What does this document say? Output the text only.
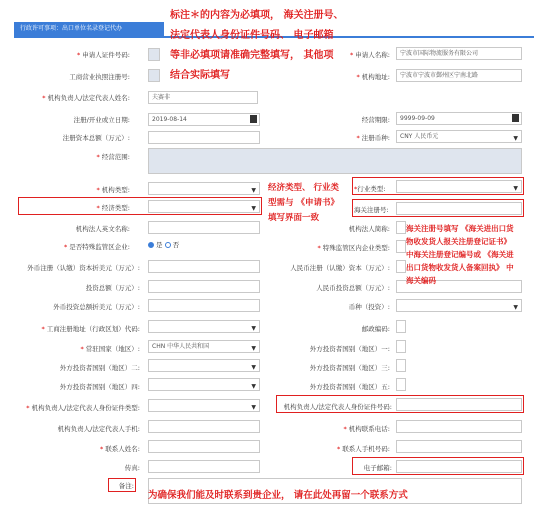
行政许可事项：出口单位名录登记代办
标注＊的内容为必填项， 海关注册号、
法定代表人身份证件号码、 电子邮箱
等非必填项请准确完整填写， 其他项
结合实际填写
* 申请人证件号码:
工商营业执照注册号:
* 机构负责人/法定代表人姓名:	夫赛非
注册/开业或立日期:	2019-08-14
注册资本总额（万元）:
* 经营范围:
* 机构类型:	▼
* 经济类型:	▼
机构法人英文名称:
* 是否特殊监管区企业:	是 否
外币注册（认缴）资本折美元（万元）:
投资总额（万元）:
外币投资总额折美元（万元）:
* 工商注册地址（行政区划）代码:	▼
* 常驻国家（地区）:	CHN 中华人民共和国	▼
外方投资者国别（地区）二:	▼
外方投资者国别（地区）四:	▼
* 机构负责人/法定代表人身份证件类型:	▼
机构负责人/法定代表人手机:
* 联系人姓名:
传真:
备注:
* 申请人名称:	宁波市国际物流服务有限公司
* 机构地址:	宁波市宁波市鄞州区宁南北路
经营期限:	9999-09-09
* 注册币种:	CNY 人民币元	▼
经济类型、 行业类
型需与 《申请书》
填写界面一致
*行业类型:	▼
海关注册号:
机构法人简称:
* 特殊监管区内企业类型:
人民币注册（认缴）资本（万元）:
人民币投资总额（万元）:
币种（投资）:	▼
邮政编码:
外方投资者国别（地区）一:
外方投资者国别（地区）三:
外方投资者国别（地区）五:
海关注册号填写 《海关进出口货
物收发货人报关注册登记证书》
中海关注册登记编号或 《海关进
出口货物收发货人备案回执》 中
海关编码
机构负责人/法定代表人身份证件号码:
* 机构联系电话:
* 联系人手机号码:
电子邮箱:
为确保我们能及时联系到贵企业， 请在此处再留一个联系方式
